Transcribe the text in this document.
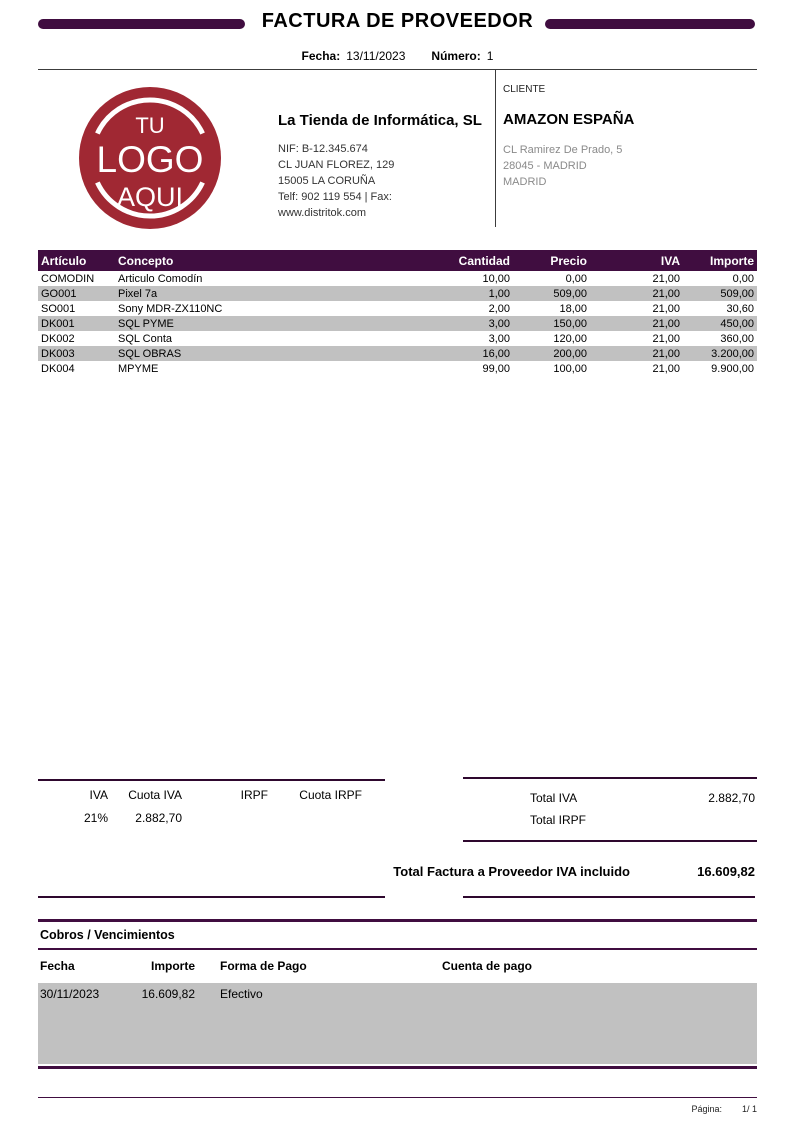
FACTURA DE PROVEEDOR
Fecha: 13/11/2023 Número: 1
TU
LOGO
AQUI
La Tienda de Informática, SL
NIF: B-12.345.674
CL JUAN FLOREZ, 129
15005 LA CORUÑA
Telf: 902 119 554 | Fax:
www.distritok.com
CLIENTE
AMAZON ESPAÑA
CL Ramirez De Prado, 5
28045 - MADRID
MADRID
Artículo	Concepto	Cantidad	Precio	IVA	Importe
COMODIN	Articulo Comodín	10,00	0,00	21,00	0,00
GO001	Pixel 7a	1,00	509,00	21,00	509,00
SO001	Sony MDR-ZX110NC	2,00	18,00	21,00	30,60
DK001	SQL PYME	3,00	150,00	21,00	450,00
DK002	SQL Conta	3,00	120,00	21,00	360,00
DK003	SQL OBRAS	16,00	200,00	21,00	3.200,00
DK004	MPYME	99,00	100,00	21,00	9.900,00
IVA	Cuota IVA	IRPF	Cuota IRPF
21%	2.882,70
Total IVA	2.882,70
Total IRPF
Total Factura a Proveedor IVA incluido	16.609,82
Cobros / Vencimientos
Fecha	Importe Forma de Pago	Cuenta de pago
30/11/2023	16.609,82 Efectivo
Página: 1/ 1
